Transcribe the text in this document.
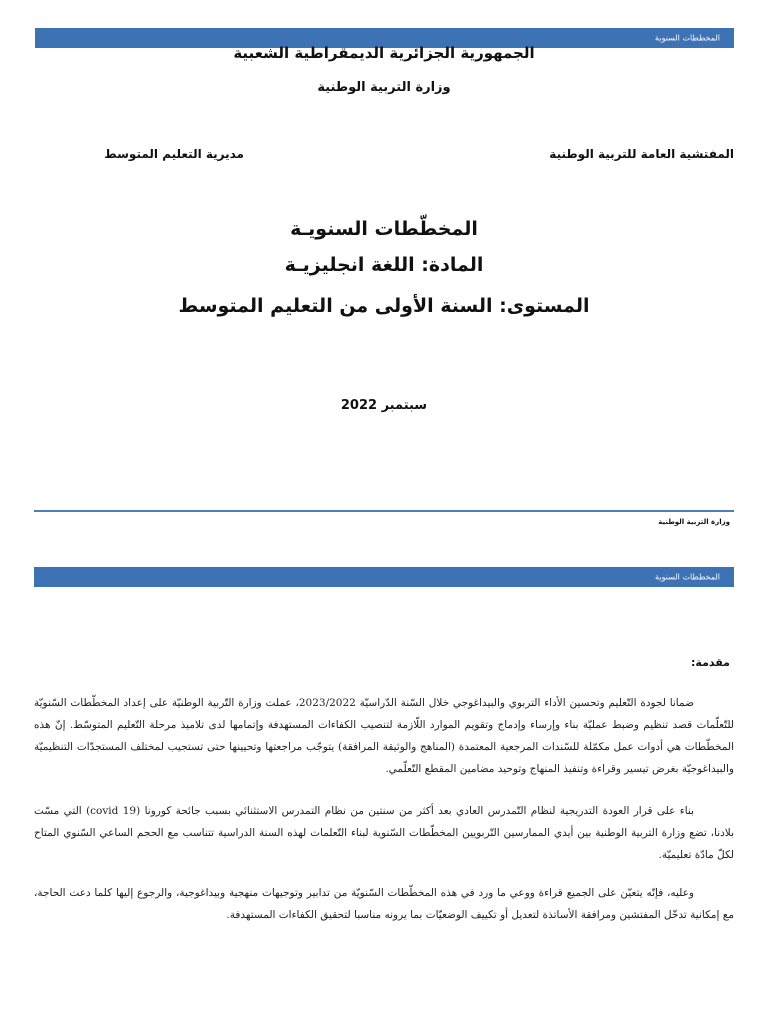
المخططات السنوية
الجمهورية الجزائرية الديمقراطية الشعبية
وزارة التربية الوطنية
المفتشية العامة للتربية الوطنية
مديرية التعليم المتوسط
المخطّطات السنويـة
المادة: اللغة انجليزيـة
المستوى: السنة الأولى من التعليم المتوسط
سبتمبر 2022
وزارة التربية الوطنية
المخططات السنوية
مقدمة:
ضمانا لجودة التّعليم وتحسين الأداء التربوي والبيداغوجي خلال السّنة الدّراسيّة 2023/2022، عملت وزارة التّربية الوطنيّة على إعداد المخطّطات السّنويّة للتّعلّمات قصد تنظيم وضبط عمليّة بناء وإرساء وإدماج وتقويم الموارد اللّازمة لتنصيب الكفاءات المستهدفة وإتمامها لدى تلاميذ مرحلة التّعليم المتوسّط. إنّ هذه المخطّطات هي أدوات عمل مكمّلة للسّندات المرجعية المعتمدة (المناهج والوثيقة المرافقة) يتوجّب مراجعتها وتحيينها حتى تستجيب لمختلف المستجدّات التنظيميّة والبيداغوجيّة بغرض تيسير وقراءة وتنفيذ المنهاج وتوحيد مضامين المقطع التّعلّمي.
بناء على قرار العودة التدريجية لنظام التّمدرس العادي بعد أكثر من سنتين من نظام التمدرس الاستثنائي بسبب جائحة كورونا (covid 19) التي مسّت بلادنا، تضع وزارة التربية الوطنية بين أيدي الممارسين التّربويين المخطّطات السّنوية لبناء التّعلمات لهذه السنة الدراسية تتناسب مع الحجم الساعي السّنوي المتاح لكلّ مادّة تعليميّة.
وعليه، فإنّه يتعيّن على الجميع قراءة ووعي ما ورد في هذه المخطّطات السّنويّة من تدابير وتوجيهات منهجية وبيداغوجية، والرجوع إليها كلما دعت الحاجة، مع إمكانية تدخّل المفتشين ومرافقة الأساتذة لتعديل أو تكييف الوضعيّات بما يرونه مناسبا لتحقيق الكفاءات المستهدفة.
